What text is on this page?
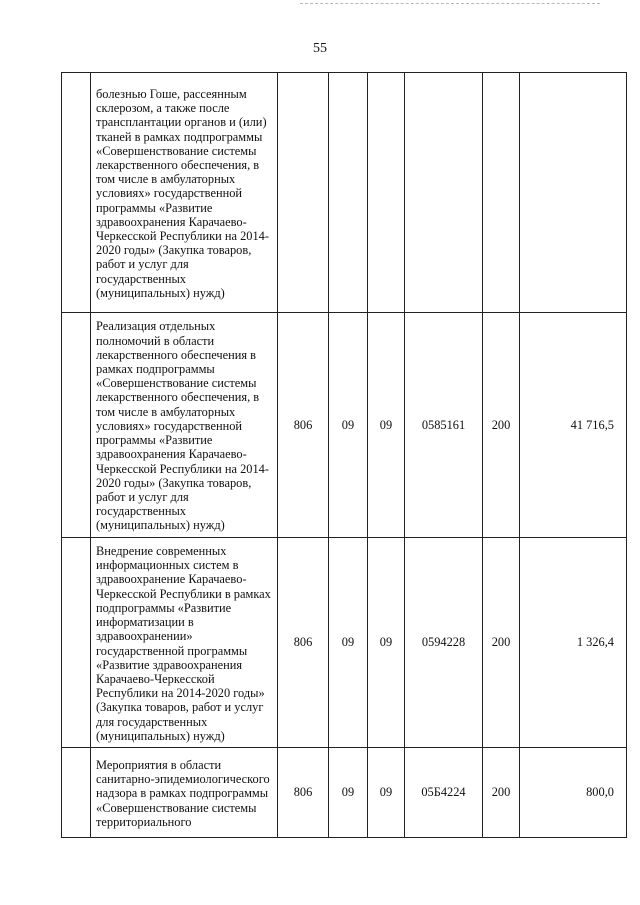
55

	болезнью Гоше, рассеянным склерозом, а также после трансплантации органов и (или) тканей в рамках подпрограммы «Совершенствование системы лекарственного обеспечения, в том числе в амбулаторных условиях» государственной программы «Развитие здравоохранения Карачаево-Черкесской Республики на 2014-2020 годы» (Закупка товаров, работ и услуг для государственных (муниципальных) нужд)						

	Реализация отдельных полномочий в области лекарственного обеспечения в рамках подпрограммы «Совершенствование системы лекарственного обеспечения, в том числе в амбулаторных условиях» государственной программы «Развитие здравоохранения Карачаево-Черкесской Республики на 2014-2020 годы» (Закупка товаров, работ и услуг для государственных (муниципальных) нужд)	806	09	09	0585161	200	41 716,5

	Внедрение современных информационных систем в здравоохранение Карачаево-Черкесской Республики в рамках подпрограммы «Развитие информатизации в здравоохранении» государственной программы «Развитие здравоохранения Карачаево-Черкесской Республики на 2014-2020 годы» (Закупка товаров, работ и услуг для государственных (муниципальных) нужд)	806	09	09	0594228	200	1 326,4

	Мероприятия в области санитарно-эпидемиологического надзора в рамках подпрограммы «Совершенствование системы территориального	806	09	09	05Б4224	200	800,0
